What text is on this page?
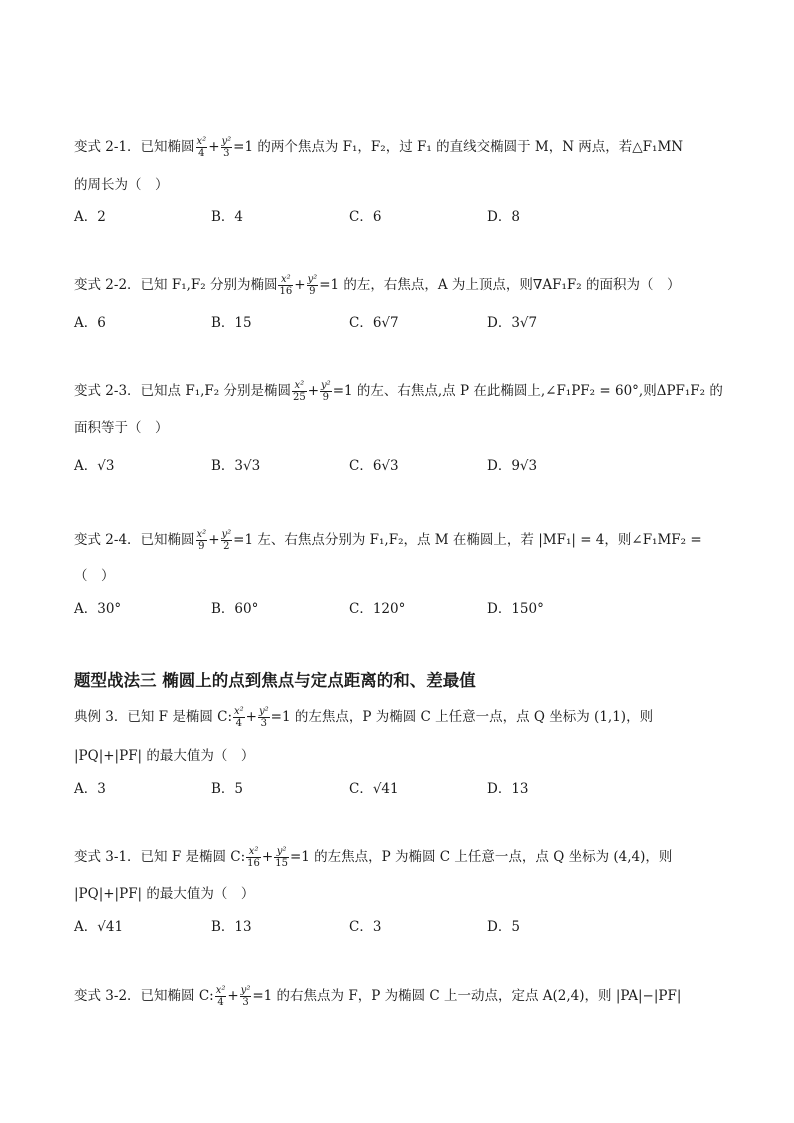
变式 2-1．已知椭圆 $\frac{\text{x²}}{4} + \frac{\text{y²}}{3} =1$ 的两个焦点为 F₁，F₂，过 F₁ 的直线交椭圆于 M，N 两点，若△F₁MN
的周长为（　）
A．2	B．4	C．6	D．8
变式 2-2．已知 F₁,F₂ 分别为椭圆 $\frac{\text{x²}}{16} + \frac{\text{y²}}{9} =1$ 的左，右焦点，A 为上顶点，则∇AF₁F₂ 的面积为（　）
A．6	B．15	C．6√7	D．3√7
变式 2-3．已知点 F₁,F₂ 分别是椭圆 $\frac{\text{x²}}{25} + \frac{\text{y²}}{9} =1$ 的左、右焦点,点 P 在此椭圆上,∠F₁PF₂ = 60°,则ΔPF₁F₂ 的
面积等于（　）
A．√3	B．3√3	C．6√3	D．9√3
变式 2-4．已知椭圆 $\frac{\text{x²}}{9} + \frac{\text{y²}}{2} =1$ 左、右焦点分别为 F₁,F₂，点 M 在椭圆上，若 |MF₁| = 4，则∠F₁MF₂ =
（　）
A．30°	B．60°	C．120°	D．150°
题型战法三 椭圆上的点到焦点与定点距离的和、差最值
典例 3．已知 F 是椭圆 C: $\frac{\text{x²}}{4} + \frac{\text{y²}}{3} =1$ 的左焦点，P 为椭圆 C 上任意一点，点 Q 坐标为 (1,1)，则
|PQ|+|PF| 的最大值为（　）
A．3	B．5	C．√41	D．13
变式 3-1．已知 F 是椭圆 C: $\frac{\text{x²}}{16} + \frac{\text{y²}}{15} =1$ 的左焦点，P 为椭圆 C 上任意一点，点 Q 坐标为 (4,4)，则
|PQ|+|PF| 的最大值为（　）
A．√41	B．13	C．3	D．5
变式 3-2．已知椭圆 C: $\frac{\text{x²}}{4} + \frac{\text{y²}}{3} =1$ 的右焦点为 F，P 为椭圆 C 上一动点，定点 A(2,4)，则 |PA|−|PF|
